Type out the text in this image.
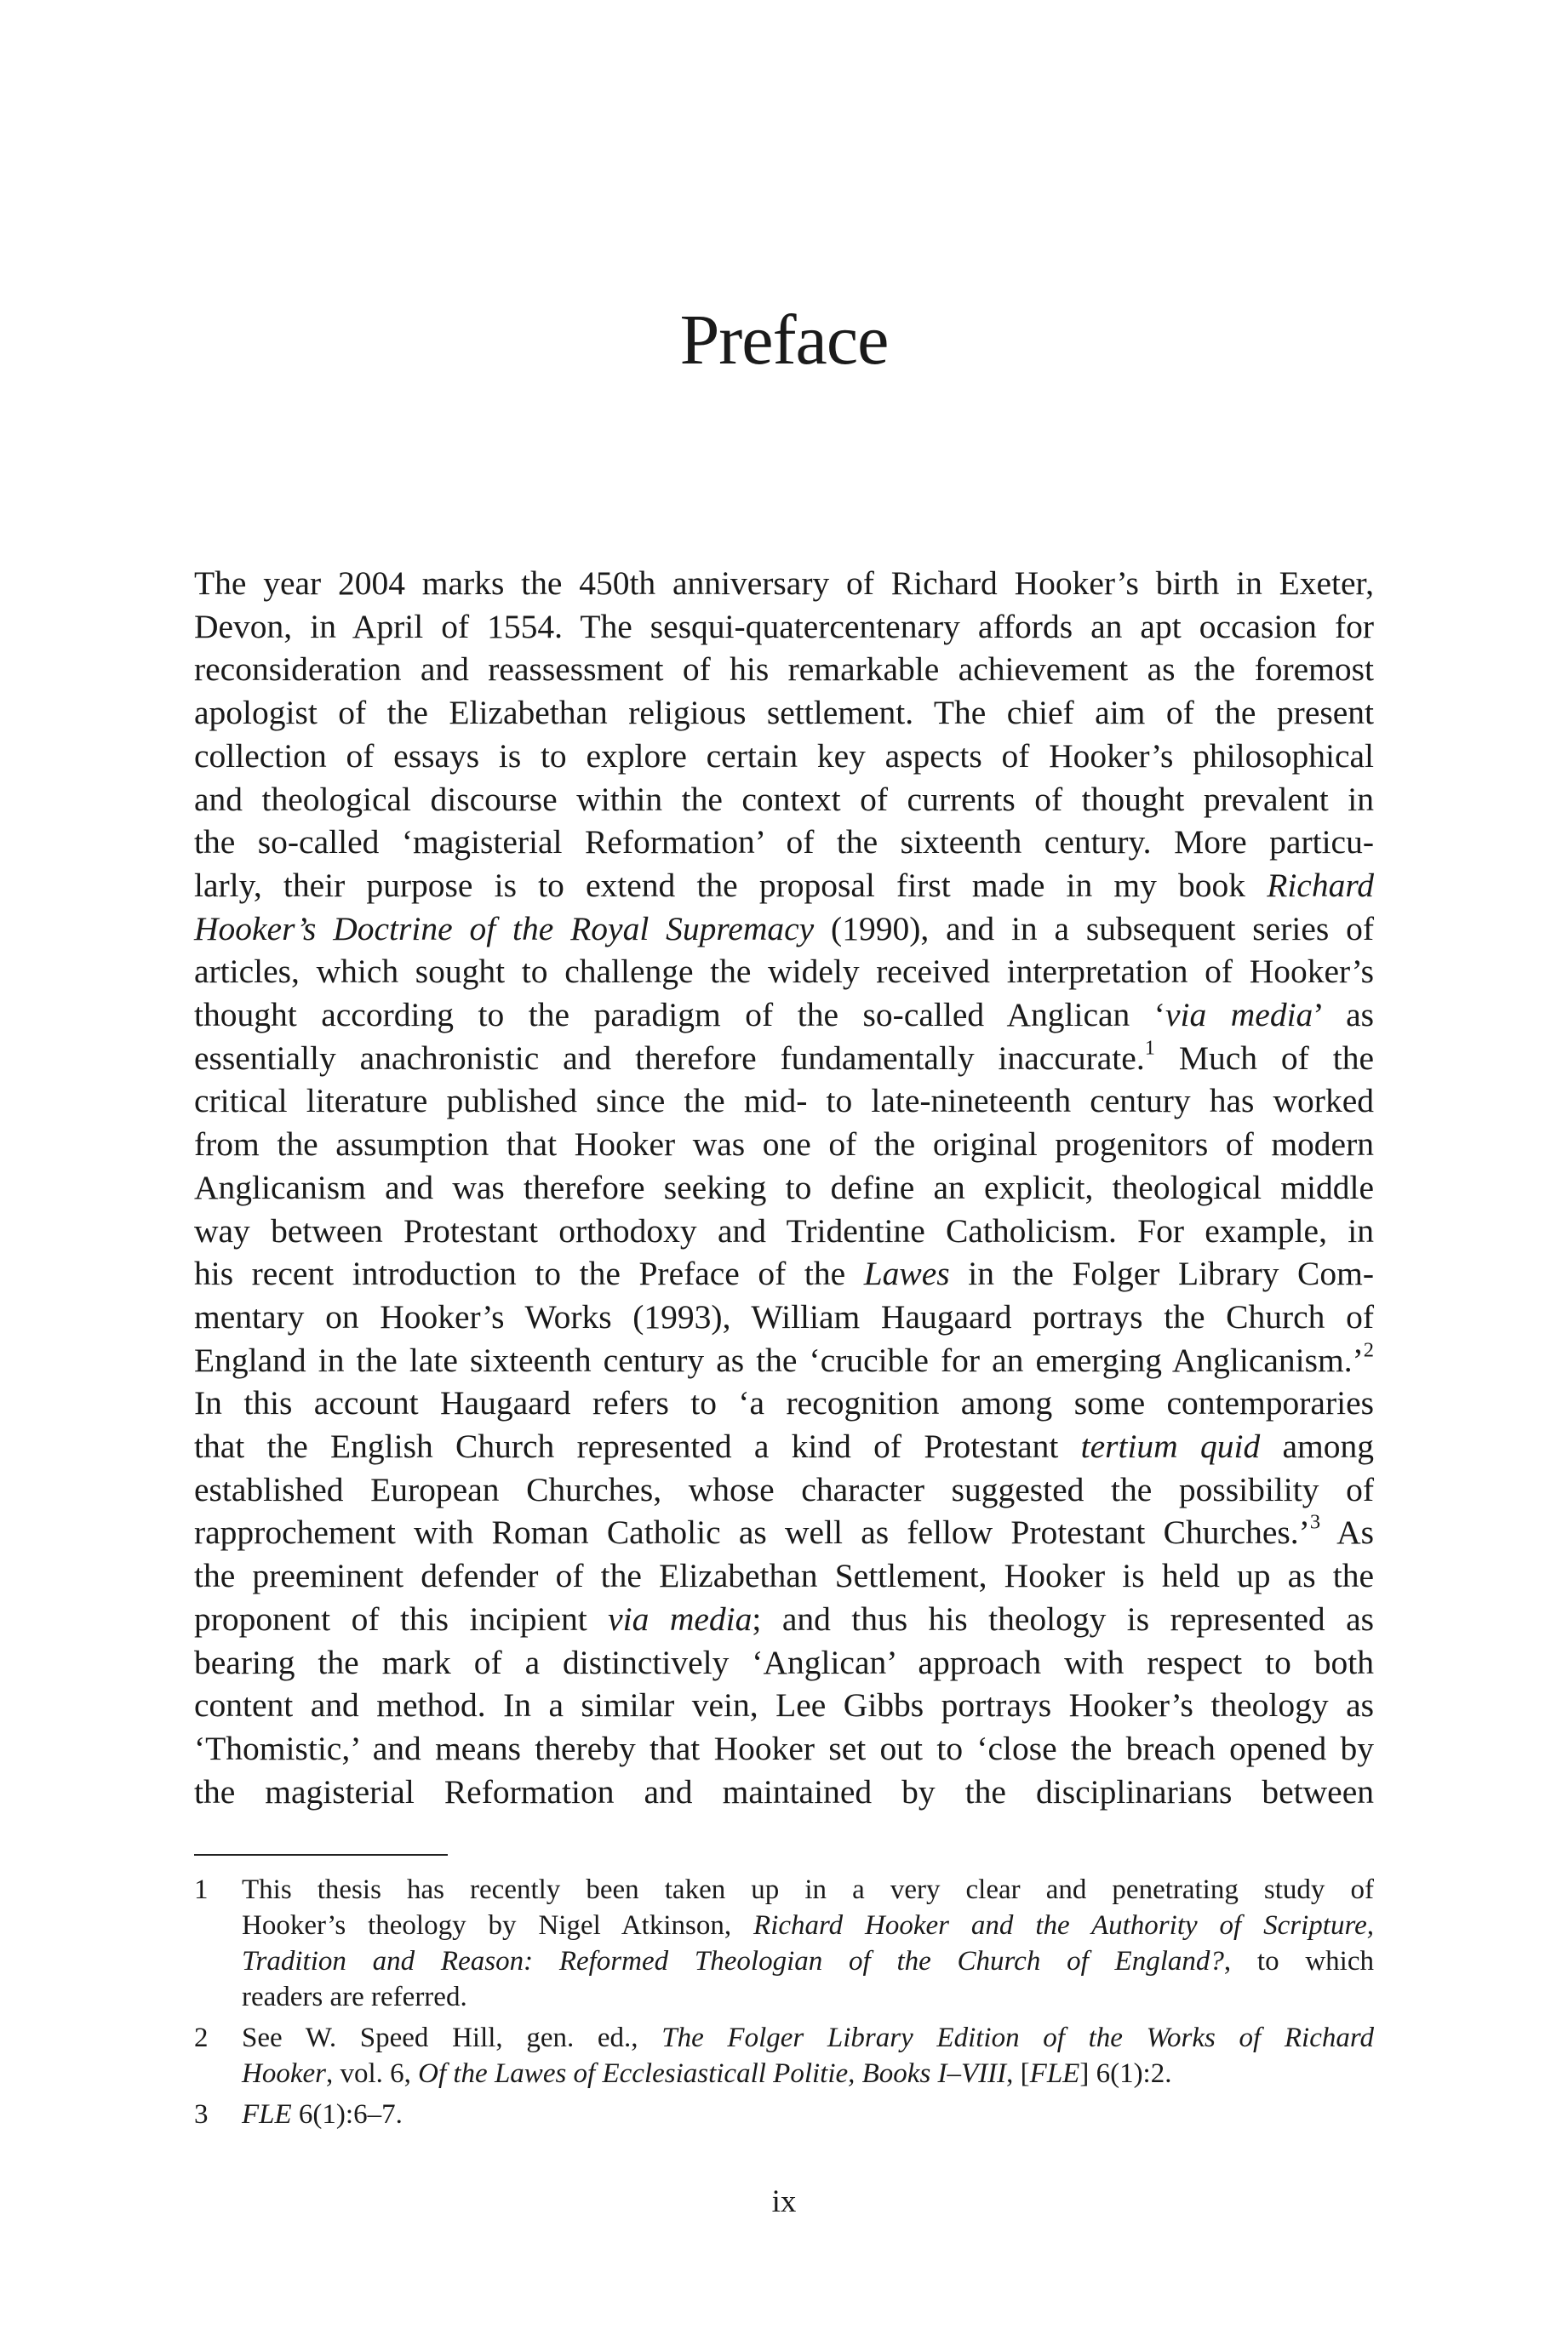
Preface
The year 2004 marks the 450th anniversary of Richard Hooker’s birth in Exeter,
Devon, in April of 1554. The sesqui-quatercentenary affords an apt occasion for
reconsideration and reassessment of his remarkable achievement as the foremost
apologist of the Elizabethan religious settlement. The chief aim of the present
collection of essays is to explore certain key aspects of Hooker’s philosophical
and theological discourse within the context of currents of thought prevalent in
the so-called ‘magisterial Reformation’ of the sixteenth century. More particu-
larly, their purpose is to extend the proposal first made in my book Richard
Hooker’s Doctrine of the Royal Supremacy (1990), and in a subsequent series of
articles, which sought to challenge the widely received interpretation of Hooker’s
thought according to the paradigm of the so-called Anglican ‘via media’ as
essentially anachronistic and therefore fundamentally inaccurate.$^1$ Much of the
critical literature published since the mid- to late-nineteenth century has worked
from the assumption that Hooker was one of the original progenitors of modern
Anglicanism and was therefore seeking to define an explicit, theological middle
way between Protestant orthodoxy and Tridentine Catholicism. For example, in
his recent introduction to the Preface of the Lawes in the Folger Library Com-
mentary on Hooker’s Works (1993), William Haugaard portrays the Church of
England in the late sixteenth century as the ‘crucible for an emerging Anglicanism.’$^2$
In this account Haugaard refers to ‘a recognition among some contemporaries
that the English Church represented a kind of Protestant tertium quid among
established European Churches, whose character suggested the possibility of
rapprochement with Roman Catholic as well as fellow Protestant Churches.’$^3$ As
the preeminent defender of the Elizabethan Settlement, Hooker is held up as the
proponent of this incipient via media; and thus his theology is represented as
bearing the mark of a distinctively ‘Anglican’ approach with respect to both
content and method. In a similar vein, Lee Gibbs portrays Hooker’s theology as
‘Thomistic,’ and means thereby that Hooker set out to ‘close the breach opened by
the magisterial Reformation and maintained by the disciplinarians between
1 This thesis has recently been taken up in a very clear and penetrating study of
Hooker’s theology by Nigel Atkinson, Richard Hooker and the Authority of Scripture,
Tradition and Reason: Reformed Theologian of the Church of England?, to which
readers are referred.
2 See W. Speed Hill, gen. ed., The Folger Library Edition of the Works of Richard
Hooker, vol. 6, Of the Lawes of Ecclesiasticall Politie, Books I–VIII, [FLE] 6(1):2.
3 FLE 6(1):6–7.
ix
